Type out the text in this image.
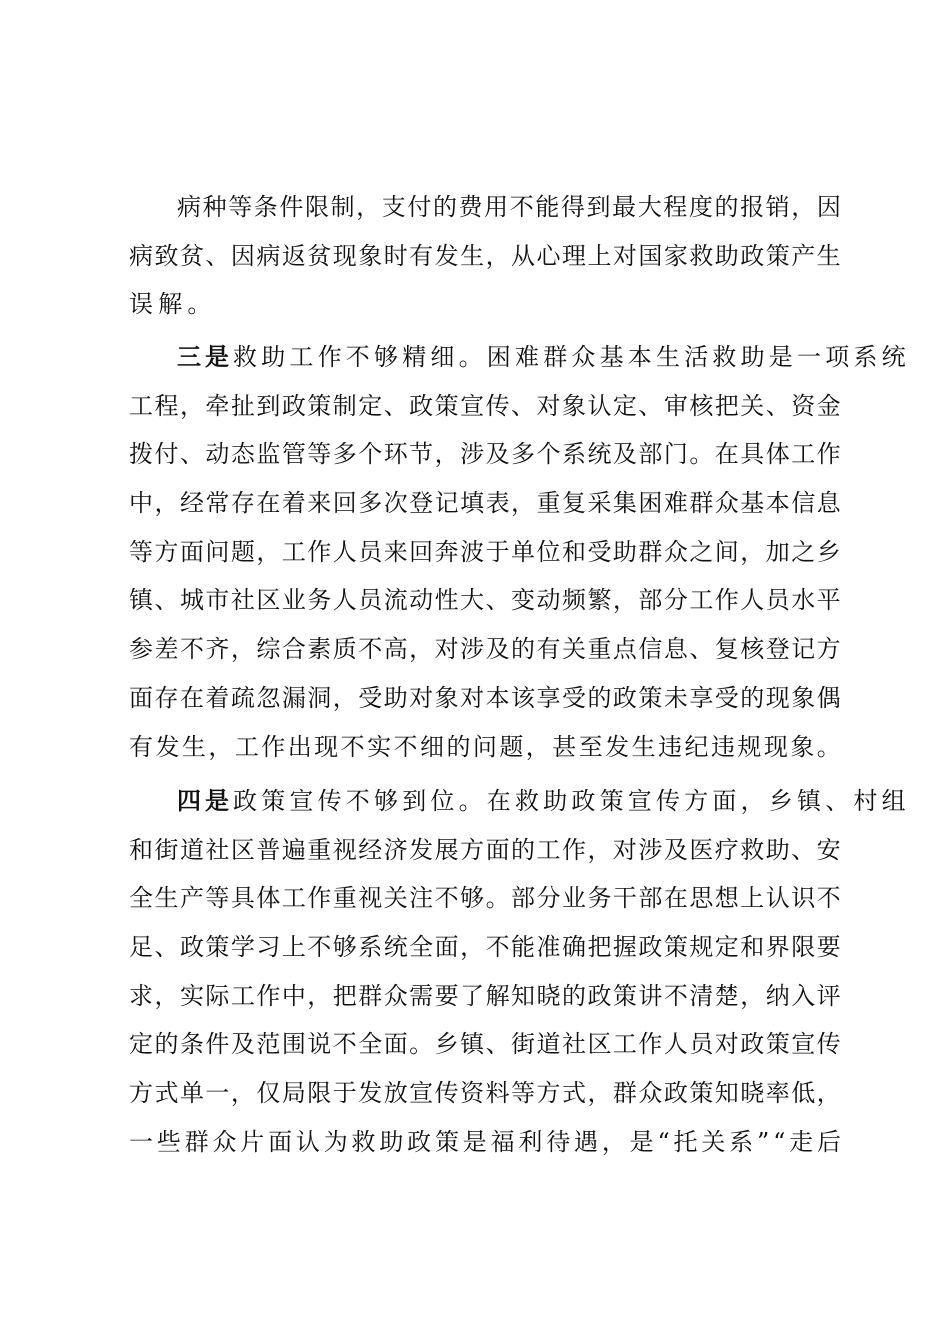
病 种 等 条 件 限 制 ， 支 付 的 费 用 不 能 得 到 最 大 程 度 的 报 销 ， 因
病 致 贫 、 因 病 返 贫 现 象 时 有 发 生 ， 从 心 理 上 对 国 家 救 助 政 策 产 生
误解。
三是 救助工作不够精细。困难群众基本生活救助是一项系统
工 程 ， 牵 扯 到 政 策 制 定 、 政 策 宣 传 、 对 象 认 定 、 审 核 把 关 、 资 金
拨 付 、 动 态 监 管 等 多 个 环 节 ， 涉 及 多 个 系 统 及 部 门 。 在 具 体 工 作
中 ， 经 常 存 在 着 来 回 多 次 登 记 填 表 ， 重 复 采 集 困 难 群 众 基 本 信 息
等 方 面 问 题 ， 工 作 人 员 来 回 奔 波 于 单 位 和 受 助 群 众 之 间 ， 加 之 乡
镇 、 城 市 社 区 业 务 人 员 流 动 性 大 、 变 动 频 繁 ， 部 分 工 作 人 员 水 平
参 差 不 齐 ， 综 合 素 质 不 高 ， 对 涉 及 的 有 关 重 点 信 息 、 复 核 登 记 方
面 存 在 着 疏 忽 漏 洞 ， 受 助 对 象 对 本 该 享 受 的 政 策 未 享 受 的 现 象 偶
有 发 生 ， 工 作 出 现 不 实 不 细 的 问 题 ， 甚 至 发 生 违 纪 违 规 现 象 。
四是 政策宣传不够到位。在救助政策宣传方面，乡镇、村组
和 街 道 社 区 普 遍 重 视 经 济 发 展 方 面 的 工 作 ， 对 涉 及 医 疗 救 助 、 安
全 生 产 等 具 体 工 作 重 视 关 注 不 够 。 部 分 业 务 干 部 在 思 想 上 认 识 不
足 、 政 策 学 习 上 不 够 系 统 全 面 ， 不 能 准 确 把 握 政 策 规 定 和 界 限 要
求 ， 实 际 工 作 中 ， 把 群 众 需 要 了 解 知 晓 的 政 策 讲 不 清 楚 ， 纳 入 评
定 的 条 件 及 范 围 说 不 全 面 。 乡 镇 、 街 道 社 区 工 作 人 员 对 政 策 宣 传
方 式 单 一 ， 仅 局 限 于 发 放 宣 传 资 料 等 方 式 ， 群 众 政 策 知 晓 率 低 ，
一 些 群 众 片 面 认 为 救 助 政 策 是 福 利 待 遇 ， 是 “ 托 关 系 ” “ 走 后
